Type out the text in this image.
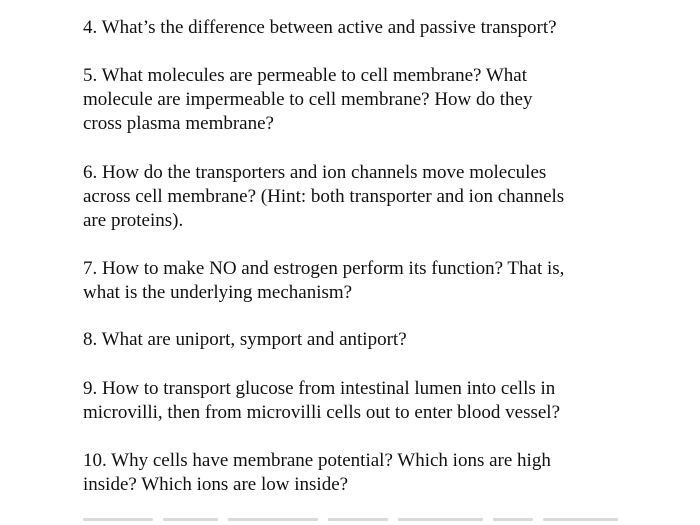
4. What’s the difference between active and passive transport?

5. What molecules are permeable to cell membrane? What
molecule are impermeable to cell membrane? How do they
cross plasma membrane?

6. How do the transporters and ion channels move molecules
across cell membrane? (Hint: both transporter and ion channels
are proteins).

7. How to make NO and estrogen perform its function? That is,
what is the underlying mechanism?

8. What are uniport, symport and antiport?

9. How to transport glucose from intestinal lumen into cells in
microvilli, then from microvilli cells out to enter blood vessel?

10. Why cells have membrane potential? Which ions are high
inside? Which ions are low inside?
